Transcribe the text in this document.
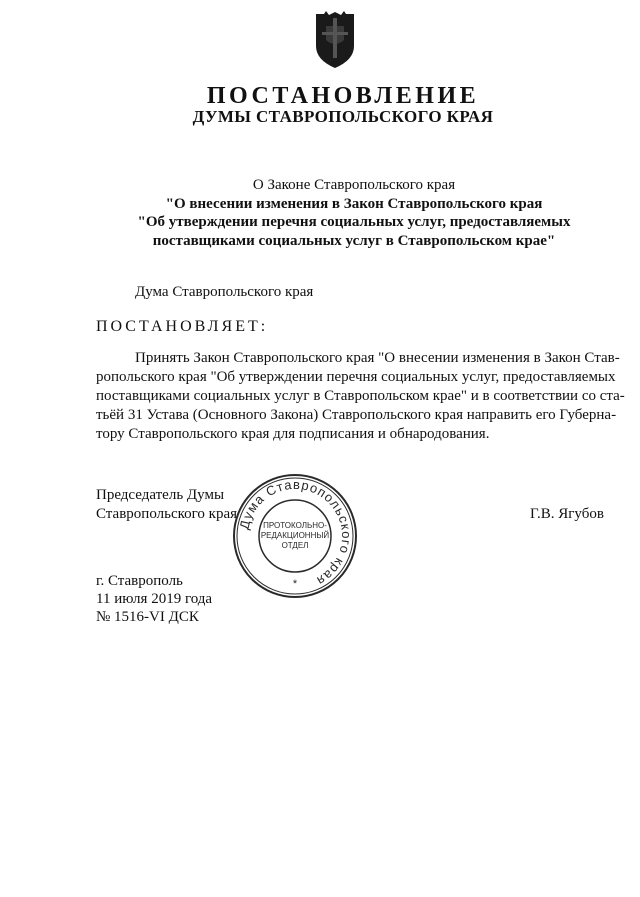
ПОСТАНОВЛЕНИЕ
ДУМЫ СТАВРОПОЛЬСКОГО КРАЯ
О Законе Ставропольского края
"О внесении изменения в Закон Ставропольского края
"Об утверждении перечня социальных услуг, предоставляемых
поставщиками социальных услуг в Ставропольском крае"
Дума Ставропольского края
ПОСТАНОВЛЯЕТ:
Принять Закон Ставропольского края "О внесении изменения в Закон Став-
ропольского края "Об утверждении перечня социальных услуг, предоставляемых
поставщиками социальных услуг в Ставропольском крае" и в соответствии со ста-
тьёй 31 Устава (Основного Закона) Ставропольского края направить его Губерна-
тору Ставропольского края для подписания и обнародования.
Председатель Думы
Ставропольского края	Г.В. Ягубов
Дума Ставропольского края
ПРОТОКОЛЬНО-
РЕДАКЦИОННЫЙ
ОТДЕЛ
*
г. Ставрополь
11 июля 2019 года
№ 1516-VI ДСК
